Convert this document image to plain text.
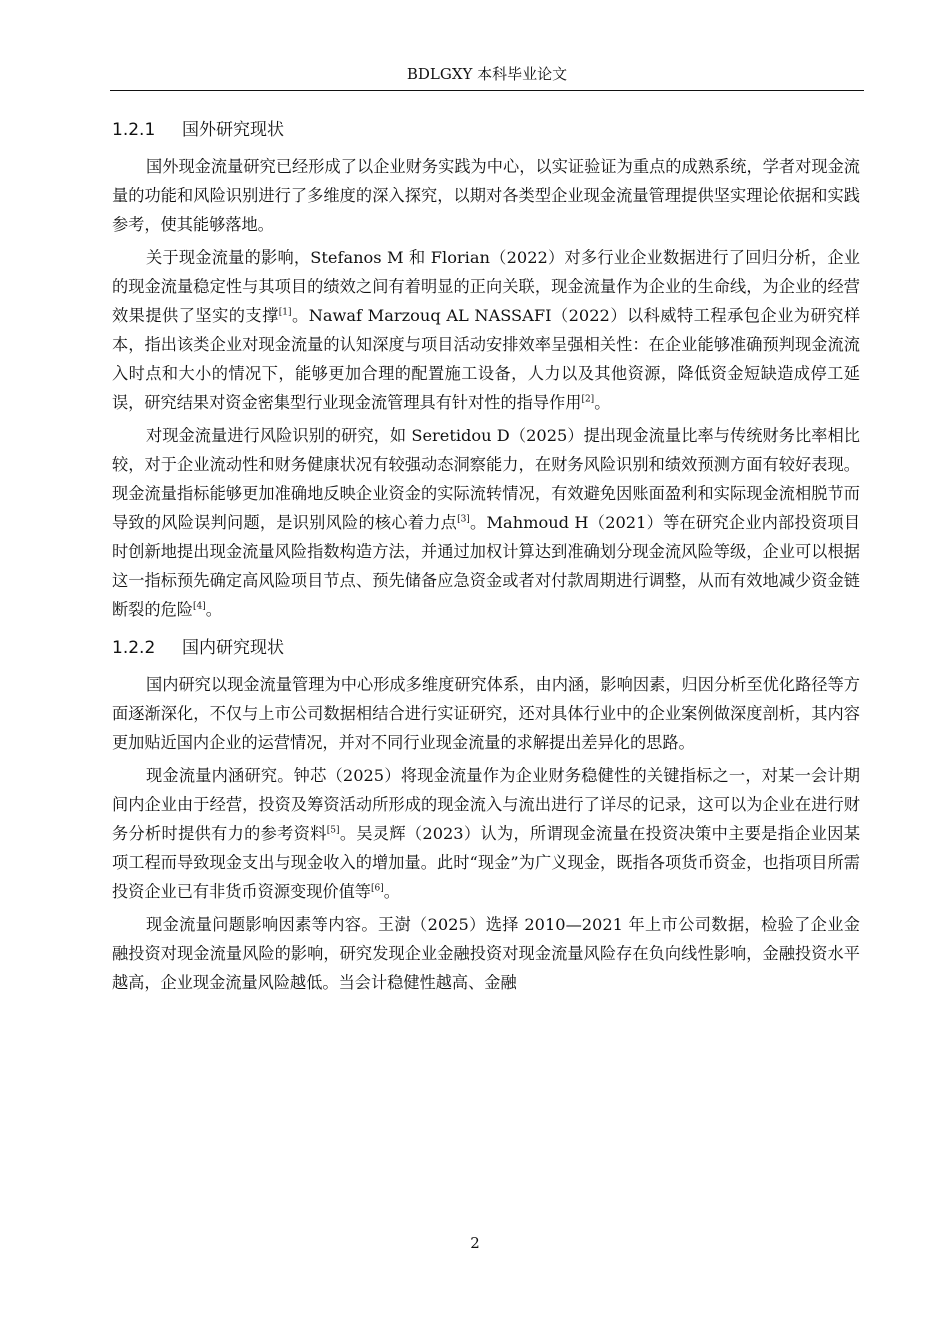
BDLGXY 本科毕业论文
1.2.1 国外研究现状

国外现金流量研究已经形成了以企业财务实践为中心，以实证验证为重点的成熟系统，学者对现金流量的功能和风险识别进行了多维度的深入探究，以期对各类型企业现金流量管理提供坚实理论依据和实践参考，使其能够落地。

关于现金流量的影响，Stefanos M 和 Florian（2022）对多行业企业数据进行了回归分析，企业的现金流量稳定性与其项目的绩效之间有着明显的正向关联，现金流量作为企业的生命线，为企业的经营效果提供了坚实的支撑[1]。Nawaf Marzouq AL NASSAFI（2022）以科威特工程承包企业为研究样本，指出该类企业对现金流量的认知深度与项目活动安排效率呈强相关性：在企业能够准确预判现金流流入时点和大小的情况下，能够更加合理的配置施工设备，人力以及其他资源，降低资金短缺造成停工延误，研究结果对资金密集型行业现金流管理具有针对性的指导作用[2]。

对现金流量进行风险识别的研究，如 Seretidou D（2025）提出现金流量比率与传统财务比率相比较，对于企业流动性和财务健康状况有较强动态洞察能力，在财务风险识别和绩效预测方面有较好表现。现金流量指标能够更加准确地反映企业资金的实际流转情况，有效避免因账面盈利和实际现金流相脱节而导致的风险误判问题，是识别风险的核心着力点[3]。Mahmoud H（2021）等在研究企业内部投资项目时创新地提出现金流量风险指数构造方法，并通过加权计算达到准确划分现金流风险等级，企业可以根据这一指标预先确定高风险项目节点、预先储备应急资金或者对付款周期进行调整，从而有效地减少资金链断裂的危险[4]。

1.2.2 国内研究现状

国内研究以现金流量管理为中心形成多维度研究体系，由内涵，影响因素，归因分析至优化路径等方面逐渐深化，不仅与上市公司数据相结合进行实证研究，还对具体行业中的企业案例做深度剖析，其内容更加贴近国内企业的运营情况，并对不同行业现金流量的求解提出差异化的思路。

现金流量内涵研究。钟芯（2025）将现金流量作为企业财务稳健性的关键指标之一，对某一会计期间内企业由于经营，投资及筹资活动所形成的现金流入与流出进行了详尽的记录，这可以为企业在进行财务分析时提供有力的参考资料[5]。吴灵辉（2023）认为，所谓现金流量在投资决策中主要是指企业因某项工程而导致现金支出与现金收入的增加量。此时“现金”为广义现金，既指各项货币资金，也指项目所需投资企业已有非货币资源变现价值等[6]。

现金流量问题影响因素等内容。王澍（2025）选择 2010—2021 年上市公司数据，检验了企业金融投资对现金流量风险的影响，研究发现企业金融投资对现金流量风险存在负向线性影响，金融投资水平越高，企业现金流量风险越低。当会计稳健性越高、金融

2
